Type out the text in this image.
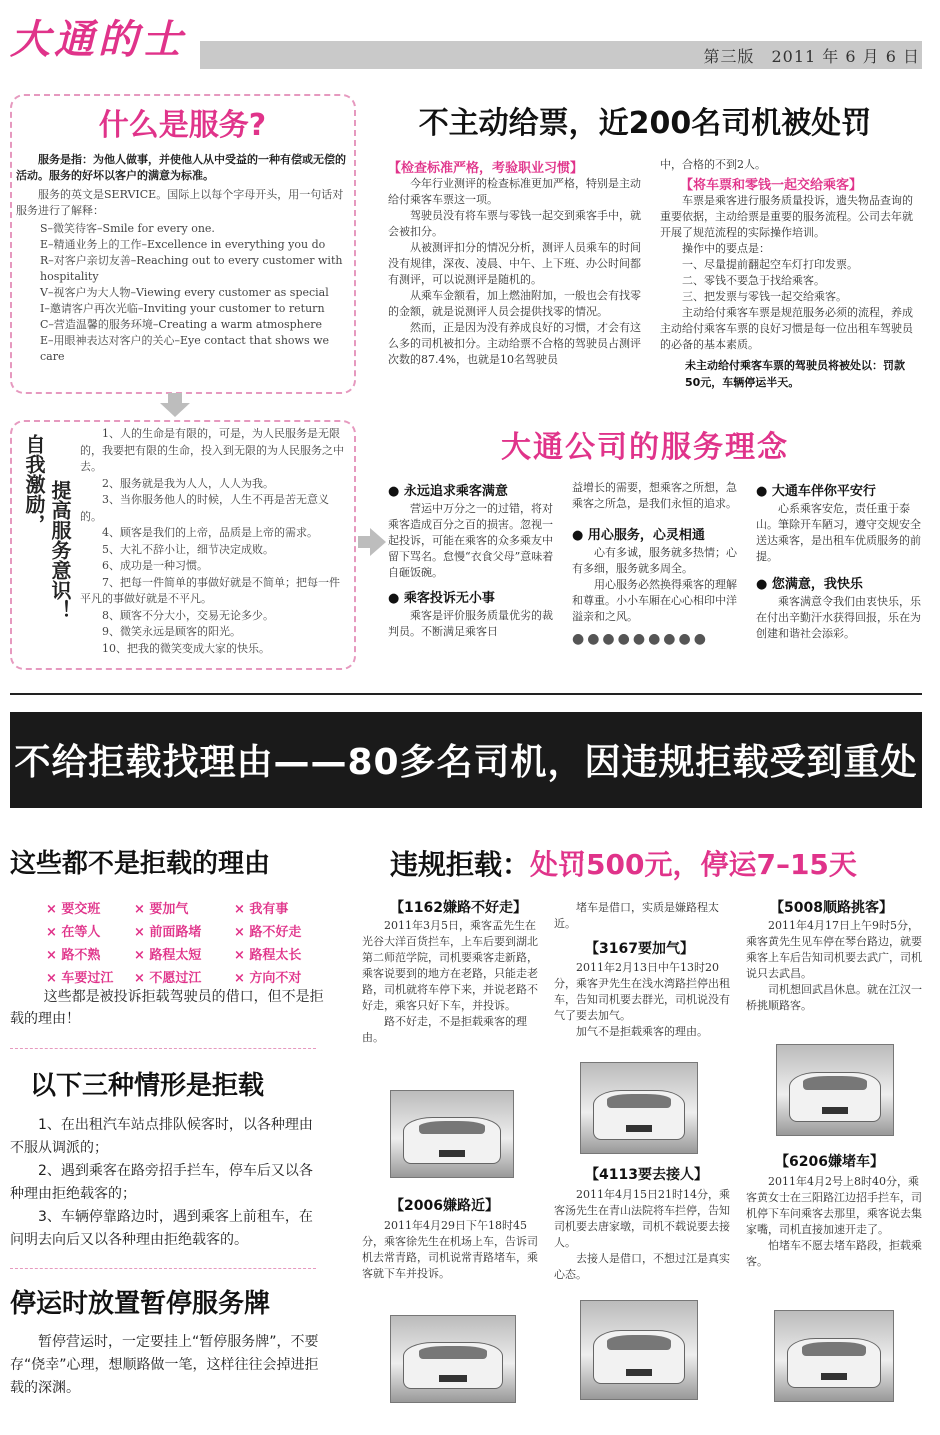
大通的士	第三版　2011 年 6 月 6 日
什么是服务?
服务是指：为他人做事，并使他人从中受益的一种有偿或无偿的活动。服务的好坏以客户的满意为标准。
服务的英文是SERVICE。国际上以每个字母开头，用一句话对服务进行了解释：
S–微笑待客–Smile for every one.
E–精通业务上的工作–Excellence in everything you do
R–对客户亲切友善–Reaching out to every customer with hospitality
V–视客户为大人物–Viewing every customer as special
I–邀请客户再次光临–Inviting your customer to return
C–营造温馨的服务环境–Creating a warm atmosphere
E–用眼神表达对客户的关心–Eye contact that shows we care
自我激励， 提高服务意识！
1、人的生命是有限的，可是，为人民服务是无限的，我要把有限的生命，投入到无限的为人民服务之中去。
2、服务就是我为人人，人人为我。
3、当你服务他人的时候，人生不再是苦无意义的。
4、顾客是我们的上帝，品质是上帝的需求。
5、大礼不辞小让，细节决定成败。
6、成功是一种习惯。
7、把每一件简单的事做好就是不简单；把每一件平凡的事做好就是不平凡。
8、顾客不分大小，交易无论多少。
9、微笑永远是顾客的阳光。
10、把我的微笑变成大家的快乐。
不主动给票，近200名司机被处罚
【检查标准严格，考验职业习惯】
今年行业测评的检查标准更加严格，特别是主动给付乘客车票这一项。
驾驶员没有将车票与零钱一起交到乘客手中，就会被扣分。
从被测评扣分的情况分析，测评人员乘车的时间没有规律，深夜、凌晨、中午、上下班、办公时间都有测评，可以说测评是随机的。
从乘车金额看，加上燃油附加，一般也会有找零的金额，就是说测评人员会提供找零的情况。
然而，正是因为没有养成良好的习惯，才会有这么多的司机被扣分。主动给票不合格的驾驶员占测评次数的87.4%，也就是10名驾驶员
中，合格的不到2人。
【将车票和零钱一起交给乘客】
车票是乘客进行服务质量投诉，遗失物品查询的重要依据，主动给票是重要的服务流程。公司去年就开展了规范流程的实际操作培训。
操作中的要点是：
一、尽量提前翻起空车灯打印发票。
二、零钱不要急于找给乘客。
三、把发票与零钱一起交给乘客。
主动给付乘客车票是规范服务必须的流程，养成主动给付乘客车票的良好习惯是每一位出租车驾驶员的必备的基本素质。
未主动给付乘客车票的驾驶员将被处以：罚款50元，车辆停运半天。
大通公司的服务理念
● 永远追求乘客满意
营运中万分之一的过错，将对乘客造成百分之百的损害。忽视一起投诉，可能在乘客的众多乘友中留下骂名。怠慢“衣食父母”意味着自砸饭碗。
● 乘客投诉无小事
乘客是评价服务质量优劣的裁判员。不断满足乘客日
益增长的需要，想乘客之所想，急乘客之所急，是我们永恒的追求。
● 用心服务，心灵相通
心有多诚，服务就多热情；心有多细，服务就多周全。
用心服务必然换得乘客的理解和尊重。小小车厢在心心相印中洋溢亲和之风。
●●●●●●●●●
● 大通车伴你平安行
心系乘客安危，责任重于泰山。筆除开车陋习，遵守交规安全送达乘客，是出租车优质服务的前提。
● 您满意，我快乐
乘客满意令我们由衷快乐，乐在付出辛勤汗水获得回报，乐在为创建和谐社会添彩。
不给拒载找理由——80多名司机，因违规拒载受到重处
这些都不是拒载的理由
× 要交班	× 要加气	× 我有事
× 在等人	× 前面路堵	× 路不好走
× 路不熟	× 路程太短	× 路程太长
× 车要过江	× 不愿过江	× 方向不对
这些都是被投诉拒载驾驶员的借口，但不是拒载的理由！
以下三种情形是拒载
1、在出租汽车站点排队候客时，以各种理由不服从调派的；
2、遇到乘客在路旁招手拦车，停车后又以各种理由拒绝载客的；
3、车辆停靠路边时，遇到乘客上前租车，在问明去向后又以各种理由拒绝载客的。
停运时放置暂停服务牌
暂停营运时，一定要挂上“暂停服务牌”，不要存“侥幸”心理，想顺路做一笔，这样往往会掉进拒载的深渊。
违规拒载：处罚500元，停运7–15天
【1162嫌路不好走】
2011年3月5日，乘客孟先生在光谷大洋百货拦车，上车后要到湖北第二师范学院，司机要乘客走新路，乘客说要到的地方在老路，只能走老路，司机就将车停下来，并说老路不好走，乘客只好下车，并投诉。
路不好走，不是拒载乘客的理由。
【2006嫌路近】
2011年4月29日下午18时45分，乘客徐先生在机场上车，告诉司机去常青路，司机说常青路堵车，乘客就下车并投诉。
堵车是借口，实质是嫌路程太近。
【3167要加气】
2011年2月13日中午13时20分，乘客尹先生在浅水湾路拦停出租车，告知司机要去群光，司机说没有气了要去加气。
加气不是拒载乘客的理由。
【4113要去接人】
2011年4月15日21时14分，乘客汤先生在青山法院将车拦停，告知司机要去唐家墩，司机不载说要去接人。
去接人是借口，不想过江是真实心态。
【5008顺路挑客】
2011年4月17日上午9时5分，乘客黄先生见车停在琴台路边，就要乘客上车后告知司机要去武广，司机说只去武昌。
司机想回武昌休息。就在江汉一桥挑顺路客。
【6206嫌堵车】
2011年4月2号上8时40分，乘客黄女士在三阳路江边招手拦车，司机停下车问乘客去那里，乘客说去集家嘴，司机直接加速开走了。
怕堵车不愿去堵车路段，拒载乘客。
